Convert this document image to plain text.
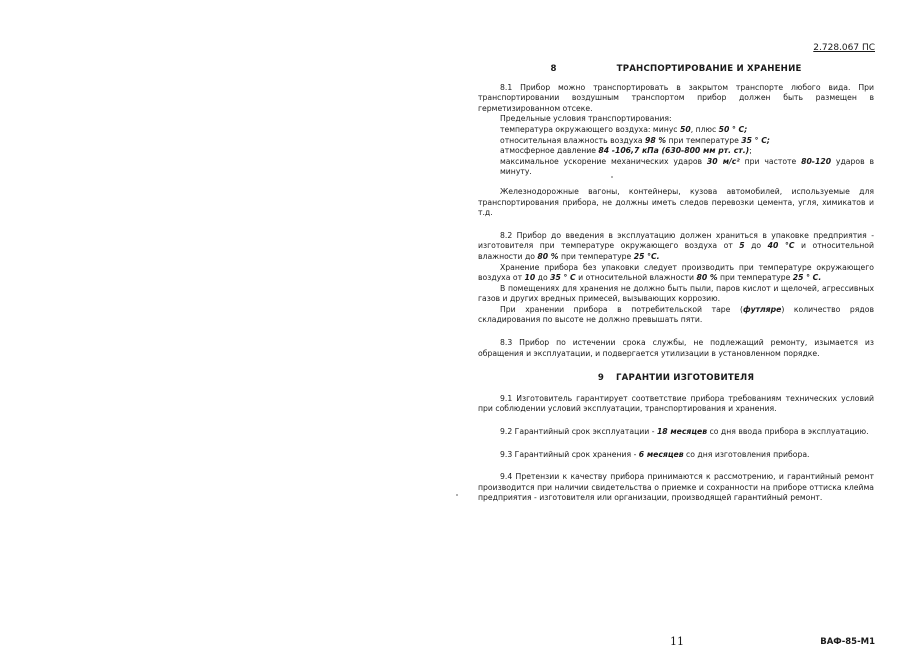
2.728.067 ПС
8	ТРАНСПОРТИРОВАНИЕ И ХРАНЕНИЕ

8.1 Прибор можно транспортировать в закрытом транспорте любого вида. При транспортировании воздушным транспортом прибор должен быть размещен в герметизированном отсеке.

Предельные условия транспортирования:

температура окружающего воздуха: минус 50, плюс 50 ° С;

относительная влажность воздуха 98 % при температуре 35 ° С;

атмосферное давление 84 -106,7 кПа (630-800 мм рт. ст.);

максимальное ускорение механических ударов 30 м/с² при частоте 80-120 ударов в минуту.

Железнодорожные вагоны, контейнеры, кузова автомобилей, используемые для транспортирования прибора, не должны иметь следов перевозки цемента, угля, химикатов и т.д.

8.2 Прибор до введения в эксплуатацию должен храниться в упаковке предприятия - изготовителя при температуре окружающего воздуха от 5 до 40 °С и относительной влажности до 80 % при температуре 25 °С.

Хранение прибора без упаковки следует производить при температуре окружающего воздуха от 10 до 35 ° С и относительной влажности 80 % при температуре 25 ° С.

В помещениях для хранения не должно быть пыли, паров кислот и щелочей, агрессивных газов и других вредных примесей, вызывающих коррозию.

При хранении прибора в потребительской таре (футляре) количество рядов складирования по высоте не должно превышать пяти.

8.3 Прибор по истечении срока службы, не подлежащий ремонту, изымается из обращения и эксплуатации, и подвергается утилизации в установленном порядке.

9 ГАРАНТИИ ИЗГОТОВИТЕЛЯ

9.1 Изготовитель гарантирует соответствие прибора требованиям технических условий при соблюдении условий эксплуатации, транспортирования и хранения.

9.2 Гарантийный срок эксплуатации - 18 месяцев со дня ввода прибора в эксплуатацию.

9.3 Гарантийный срок хранения - 6 месяцев со дня изготовления прибора.

9.4 Претензии к качеству прибора принимаются к рассмотрению, и гарантийный ремонт производится при наличии свидетельства о приемке и сохранности на приборе оттиска клейма предприятия - изготовителя или организации, производящей гарантийный ремонт.

11	ВАФ-85-М1
